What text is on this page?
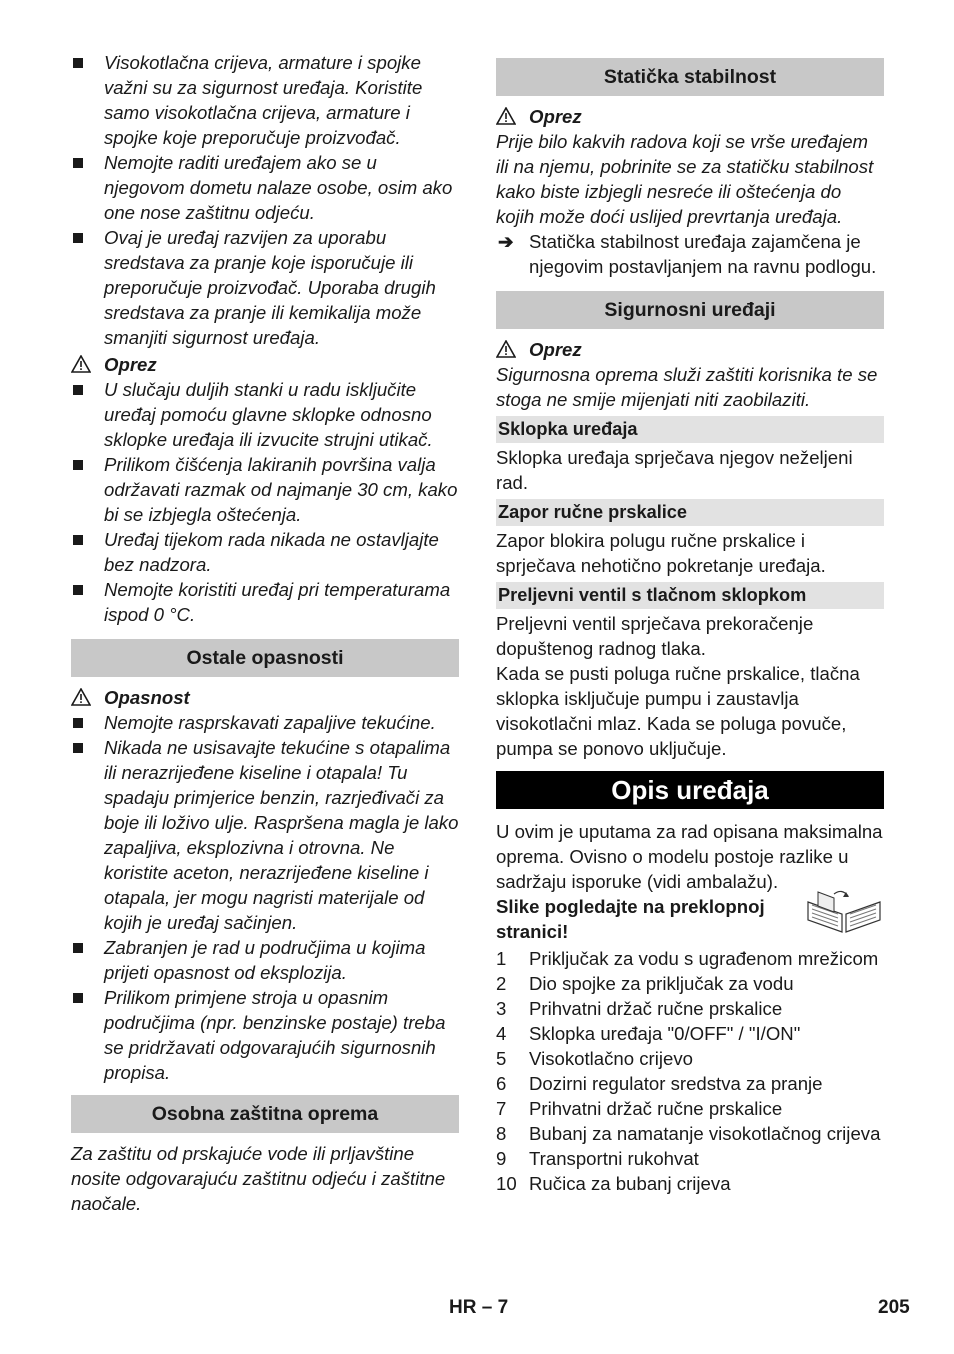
Visokotlačna crijeva, armature i spojke važni su za sigurnost uređaja. Koristite samo visokotlačna crijeva, armature i spojke koje preporučuje proizvođač.
Nemojte raditi uređajem ako se u njegovom dometu nalaze osobe, osim ako one nose zaštitnu odjeću.
Ovaj je uređaj razvijen za uporabu sredstava za pranje koje isporučuje ili preporučuje proizvođač. Uporaba drugih sredstava za pranje ili kemikalija može smanjiti sigurnost uređaja.
Oprez
U slučaju duljih stanki u radu isključite uređaj pomoću glavne sklopke odnosno sklopke uređaja ili izvucite strujni utikač.
Prilikom čišćenja lakiranih površina valja održavati razmak od najmanje 30 cm, kako bi se izbjegla oštećenja.
Uređaj tijekom rada nikada ne ostavljajte bez nadzora.
Nemojte koristiti uređaj pri temperaturama ispod 0 °C.
Ostale opasnosti
Opasnost
Nemojte rasprskavati zapaljive tekućine.
Nikada ne usisavajte tekućine s otapalima ili nerazrijeđene kiseline i otapala! Tu spadaju primjerice benzin, razrjeđivači za boje ili loživo ulje. Raspršena magla je lako zapaljiva, eksplozivna i otrovna. Ne koristite aceton, nerazrijeđene kiseline i otapala, jer mogu nagristi materijale od kojih je uređaj sačinjen.
Zabranjen je rad u područjima u kojima prijeti opasnost od eksplozija.
Prilikom primjene stroja u opasnim područjima (npr. benzinske postaje) treba se pridržavati odgovarajućih sigurnosnih propisa.
Osobna zaštitna oprema

Za zaštitu od prskajuće vode ili prljavštine nosite odgovarajuću zaštitnu odjeću i zaštitne naočale.

Statička stabilnost
Oprez

Prije bilo kakvih radova koji se vrše uređajem ili na njemu, pobrinite se za statičku stabilnost kako biste izbjegli nesreće ili oštećenja do kojih može doći uslijed prevrtanja uređaja.

➔ Statička stabilnost uređaja zajamčena je njegovim postavljanjem na ravnu podlogu.
Sigurnosni uređaji
Oprez

Sigurnosna oprema služi zaštiti korisnika te se stoga ne smije mijenjati niti zaobilaziti.

Sklopka uređaja

Sklopka uređaja sprječava njegov neželjeni rad.

Zapor ručne prskalice

Zapor blokira polugu ručne prskalice i sprječava nehotično pokretanje uređaja.

Preljevni ventil s tlačnom sklopkom

Preljevni ventil sprječava prekoračenje dopuštenog radnog tlaka.

Kada se pusti poluga ručne prskalice, tlačna sklopka isključuje pumpu i zaustavlja visokotlačni mlaz. Kada se poluga povuče, pumpa se ponovo uključuje.

Opis uređaja

U ovim je uputama za rad opisana maksimalna oprema. Ovisno o modelu postoje razlike u sadržaju isporuke (vidi ambalažu).

Slike pogledajte na preklopnoj stranici!

1 Priključak za vodu s ugrađenom mrežicom
2 Dio spojke za priključak za vodu
3 Prihvatni držač ručne prskalice
4 Sklopka uređaja "0/OFF" / "I/ON"
5 Visokotlačno crijevo
6 Dozirni regulator sredstva za pranje
7 Prihvatni držač ručne prskalice
8 Bubanj za namatanje visokotlačnog crijeva
9 Transportni rukohvat
10 Ručica za bubanj crijeva
HR – 7	205
